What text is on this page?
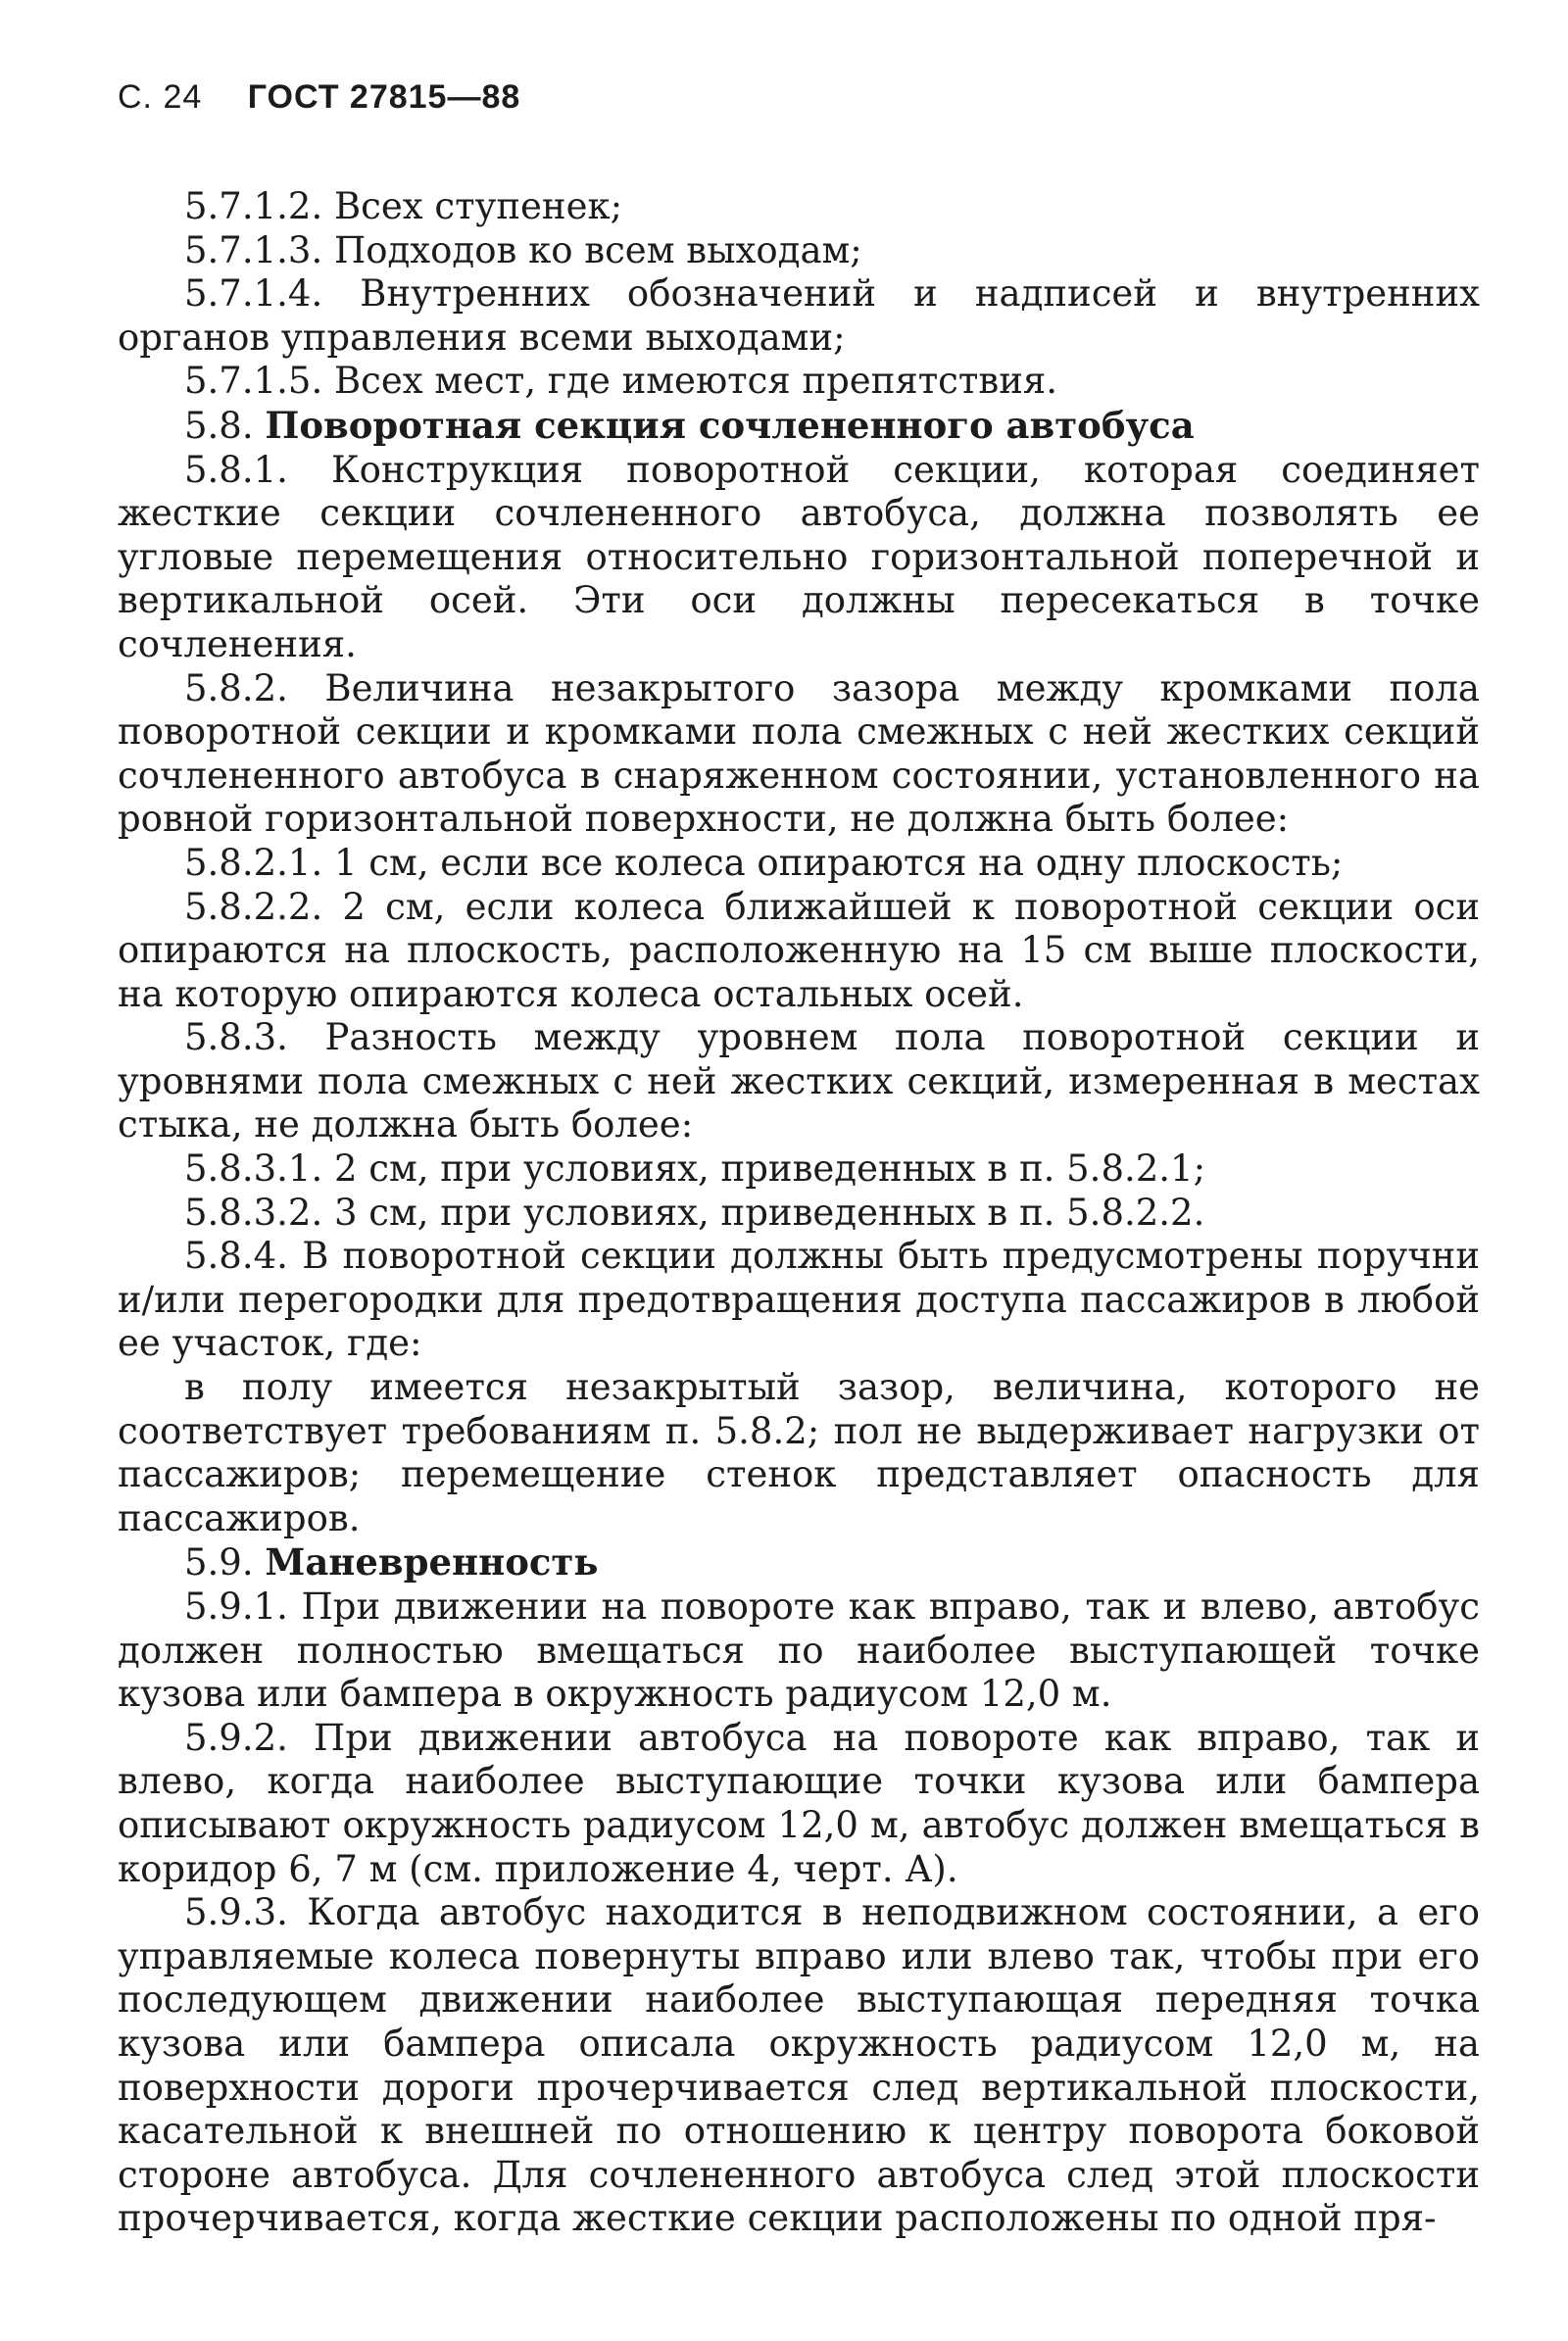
С. 24 ГОСТ 27815—88

5.7.1.2. Всех ступенек;

5.7.1.3. Подходов ко всем выходам;

5.7.1.4. Внутренних обозначений и надписей и внутренних органов управления всеми выходами;

5.7.1.5. Всех мест, где имеются препятствия.

5.8. Поворотная секция сочлененного автобуса

5.8.1. Конструкция поворотной секции, которая соединяет жесткие секции сочлененного автобуса, должна позволять ее угловые перемещения относительно горизонтальной поперечной и вертикальной осей. Эти оси должны пересекаться в точке сочленения.

5.8.2. Величина незакрытого зазора между кромками пола поворотной секции и кромками пола смежных с ней жестких секций сочлененного автобуса в снаряженном состоянии, установленного на ровной горизонтальной поверхности, не должна быть более:

5.8.2.1. 1 см, если все колеса опираются на одну плоскость;

5.8.2.2. 2 см, если колеса ближайшей к поворотной секции оси опираются на плоскость, расположенную на 15 см выше плоскости, на которую опираются колеса остальных осей.

5.8.3. Разность между уровнем пола поворотной секции и уровнями пола смежных с ней жестких секций, измеренная в местах стыка, не должна быть более:

5.8.3.1. 2 см, при условиях, приведенных в п. 5.8.2.1;

5.8.3.2. 3 см, при условиях, приведенных в п. 5.8.2.2.

5.8.4. В поворотной секции должны быть предусмотрены поручни и/или перегородки для предотвращения доступа пассажиров в любой ее участок, где:

в полу имеется незакрытый зазор, величина, которого не соответствует требованиям п. 5.8.2; пол не выдерживает нагрузки от пассажиров; перемещение стенок представляет опасность для пассажиров.

5.9. Маневренность

5.9.1. При движении на повороте как вправо, так и влево, автобус должен полностью вмещаться по наиболее выступающей точке кузова или бампера в окружность радиусом 12,0 м.

5.9.2. При движении автобуса на повороте как вправо, так и влево, когда наиболее выступающие точки кузова или бампера описывают окружность радиусом 12,0 м, автобус должен вмещаться в коридор 6, 7 м (см. приложение 4, черт. А).

5.9.3. Когда автобус находится в неподвижном состоянии, а его управляемые колеса повернуты вправо или влево так, чтобы при его последующем движении наиболее выступающая передняя точка кузова или бампера описала окружность радиусом 12,0 м, на поверхности дороги прочерчивается след вертикальной плоскости, касательной к внешней по отношению к центру поворота боковой стороне автобуса. Для сочлененного автобуса след этой плоскости прочерчивается, когда жесткие секции расположены по одной пря-
